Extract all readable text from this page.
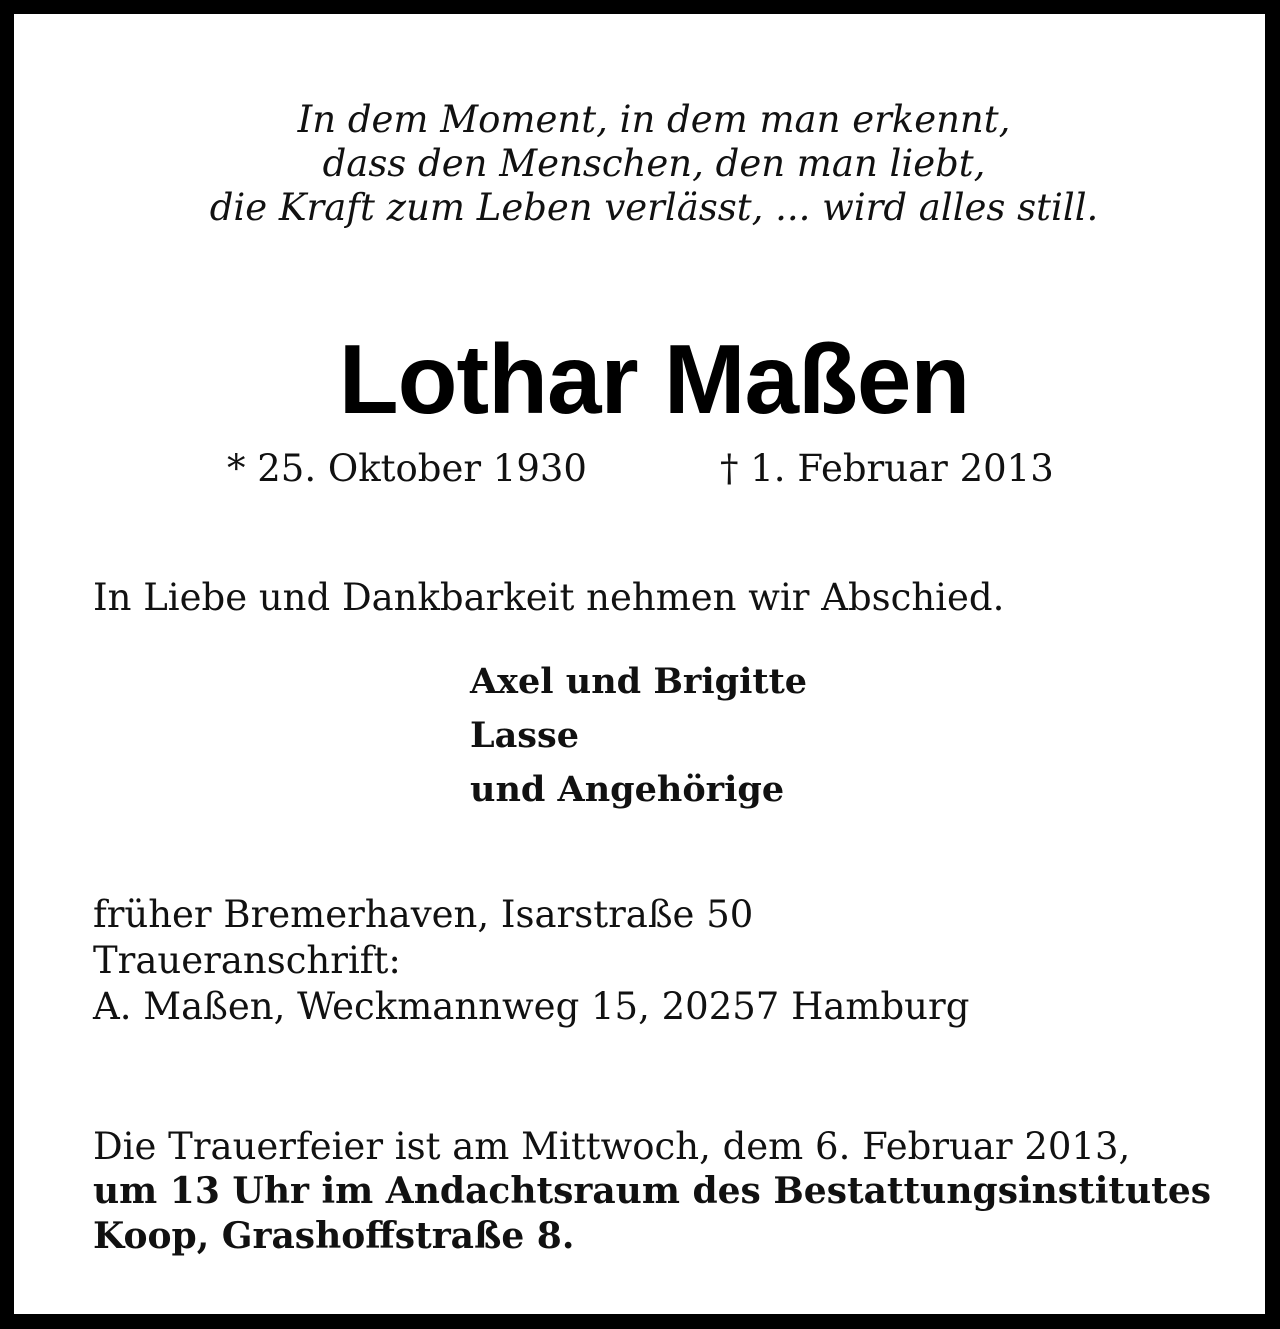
In dem Moment, in dem man erkennt,
dass den Menschen, den man liebt,
die Kraft zum Leben verlässt, ... wird alles still.
Lothar Maßen
* 25. Oktober 1930	† 1. Februar 2013
In Liebe und Dankbarkeit nehmen wir Abschied.
Axel und Brigitte
Lasse
und Angehörige
früher Bremerhaven, Isarstraße 50
Traueranschrift:
A. Maßen, Weckmannweg 15, 20257 Hamburg
Die Trauerfeier ist am Mittwoch, dem 6. Februar 2013,
um 13 Uhr im Andachtsraum des Bestattungsinstitutes
Koop, Grashoffstraße 8.
